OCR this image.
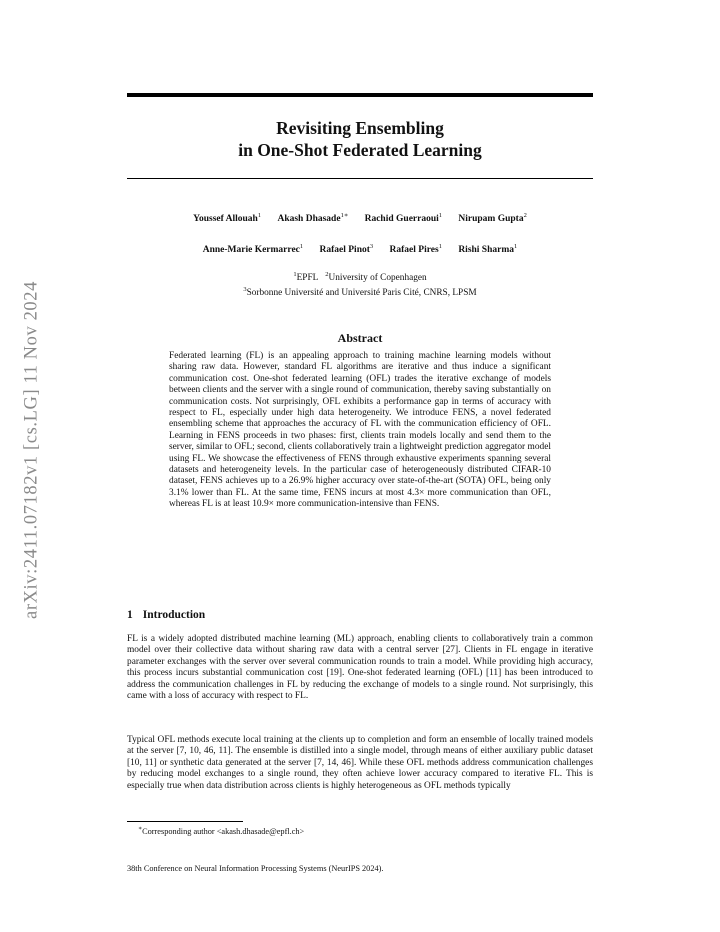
arXiv:2411.07182v1 [cs.LG] 11 Nov 2024
Revisiting Ensembling
in One-Shot Federated Learning
Youssef Allouah$^1$ Akash Dhasade$^{1∗}$ Rachid Guerraoui$^1$ Nirupam Gupta$^2$
Anne-Marie Kermarrec$^1$ Rafael Pinot$^3$ Rafael Pires$^1$ Rishi Sharma$^1$
$^1$EPFL $^2$University of Copenhagen
$^3$Sorbonne Université and Université Paris Cité, CNRS, LPSM
Abstract

Federated learning (FL) is an appealing approach to training machine learning models without sharing raw data. However, standard FL algorithms are iterative and thus induce a significant communication cost. One-shot federated learning (OFL) trades the iterative exchange of models between clients and the server with a single round of communication, thereby saving substantially on communication costs. Not surprisingly, OFL exhibits a performance gap in terms of accuracy with respect to FL, especially under high data heterogeneity. We introduce FENS, a novel federated ensembling scheme that approaches the accuracy of FL with the communication efficiency of OFL. Learning in FENS proceeds in two phases: first, clients train models locally and send them to the server, similar to OFL; second, clients collaboratively train a lightweight prediction aggregator model using FL. We showcase the effectiveness of FENS through exhaustive experiments spanning several datasets and heterogeneity levels. In the particular case of heterogeneously distributed CIFAR-10 dataset, FENS achieves up to a 26.9% higher accuracy over state-of-the-art (SOTA) OFL, being only 3.1% lower than FL. At the same time, FENS incurs at most 4.3× more communication than OFL, whereas FL is at least 10.9× more communication-intensive than FENS.

1 Introduction

FL is a widely adopted distributed machine learning (ML) approach, enabling clients to collaboratively train a common model over their collective data without sharing raw data with a central server [27]. Clients in FL engage in iterative parameter exchanges with the server over several communication rounds to train a model. While providing high accuracy, this process incurs substantial communication cost [19]. One-shot federated learning (OFL) [11] has been introduced to address the communication challenges in FL by reducing the exchange of models to a single round. Not surprisingly, this came with a loss of accuracy with respect to FL.

Typical OFL methods execute local training at the clients up to completion and form an ensemble of locally trained models at the server [7, 10, 46, 11]. The ensemble is distilled into a single model, through means of either auxiliary public dataset [10, 11] or synthetic data generated at the server [7, 14, 46]. While these OFL methods address communication challenges by reducing model exchanges to a single round, they often achieve lower accuracy compared to iterative FL. This is especially true when data distribution across clients is highly heterogeneous as OFL methods typically

∗Corresponding author <akash.dhasade@epfl.ch>
38th Conference on Neural Information Processing Systems (NeurIPS 2024).
